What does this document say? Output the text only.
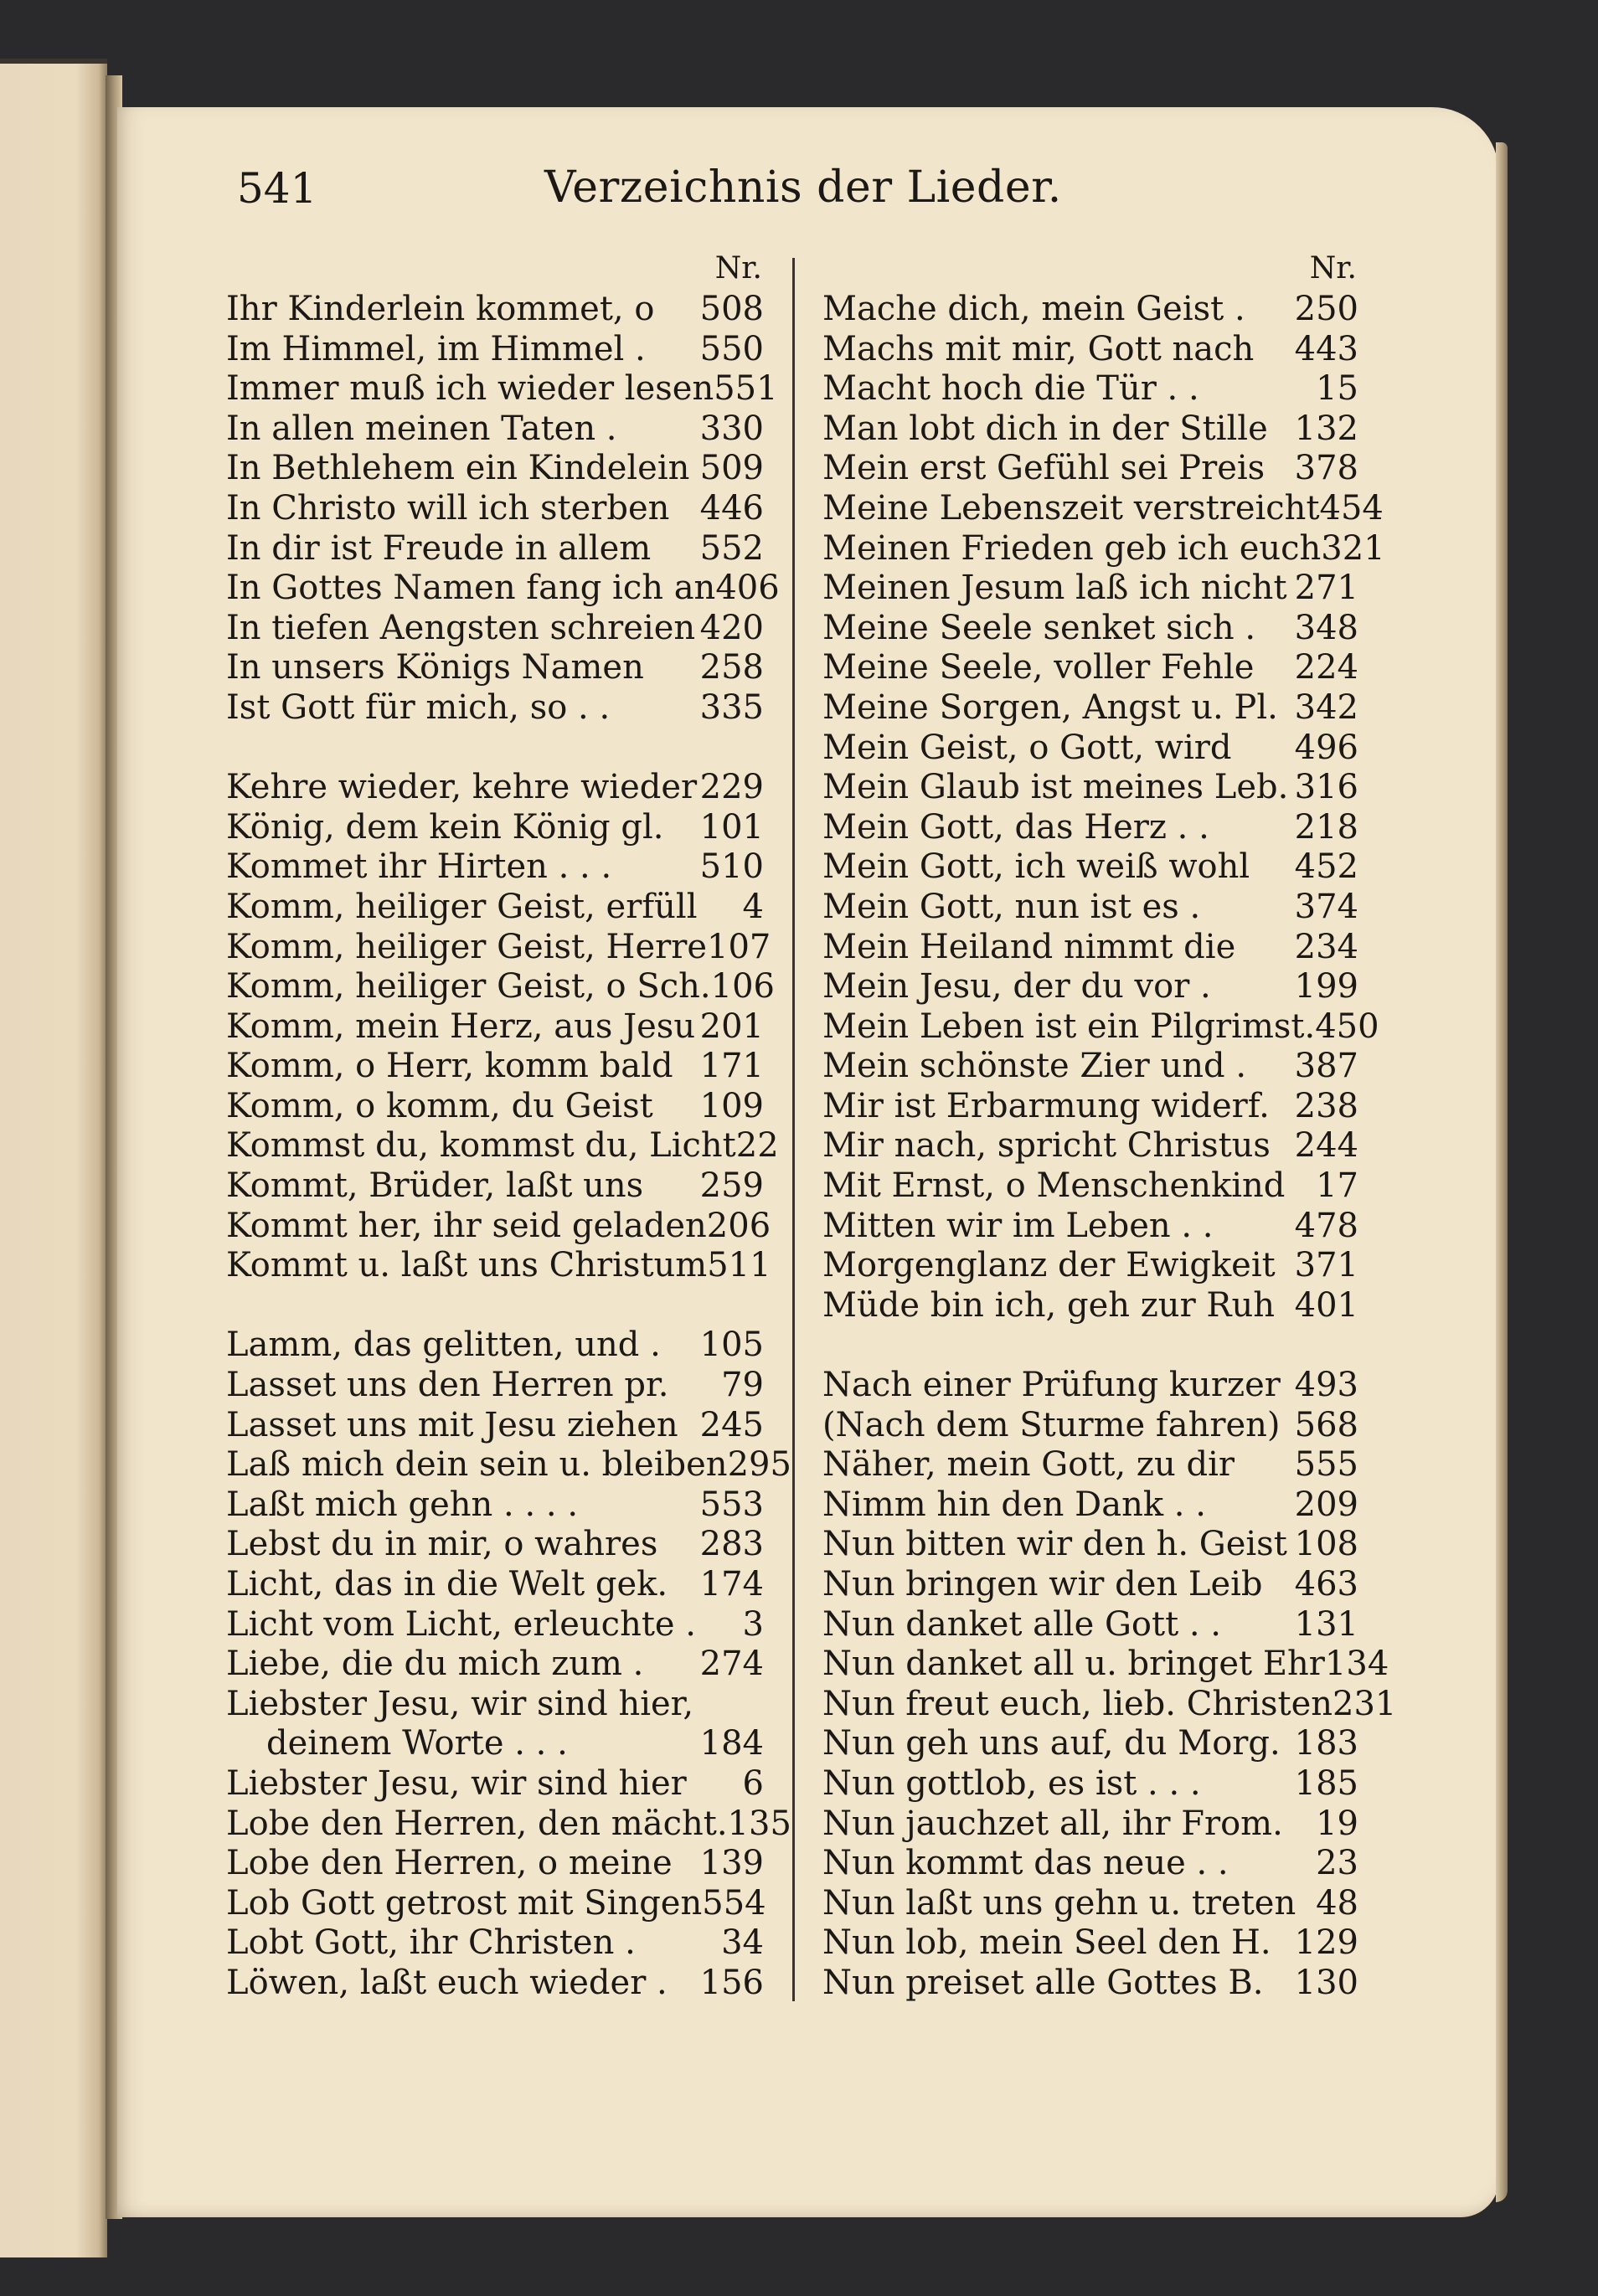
541	Verzeichnis der Lieder.
Nr.	Nr.
Ihr Kinderlein kommet, o	508
Im Himmel, im Himmel .	550
Immer muß ich wieder lesen 551
In allen meinen Taten .	330
In Bethlehem ein Kindelein 509
In Christo will ich sterben 446
In dir ist Freude in allem	552
In Gottes Namen fang ich an 406
In tiefen Aengsten schreien 420
In unsers Königs Namen	258
Ist Gott für mich, so . .	335
Kehre wieder, kehre wieder 229
König, dem kein König gl.	101
Kommet ihr Hirten . . .	510
Komm, heiliger Geist, erfüll	4
Komm, heiliger Geist, Herre 107
Komm, heiliger Geist, o Sch. 106
Komm, mein Herz, aus Jesu 201
Komm, o Herr, komm bald 171
Komm, o komm, du Geist	109
Kommst du, kommst du, Licht 22
Kommt, Brüder, laßt uns	259
Kommt her, ihr seid geladen 206
Kommt u. laßt uns Christum 511
Lamm, das gelitten, und .	105
Lasset uns den Herren pr.	79
Lasset uns mit Jesu ziehen 245
Laß mich dein sein u. bleiben 295
Laßt mich gehn . . . .	553
Lebst du in mir, o wahres	283
Licht, das in die Welt gek. 174
Licht vom Licht, erleuchte .	3
Liebe, die du mich zum .	274
Liebster Jesu, wir sind hier,
deinem Worte . . .	184
Liebster Jesu, wir sind hier	6
Lobe den Herren, den mächt. 135
Lobe den Herren, o meine 139
Lob Gott getrost mit Singen 554
Lobt Gott, ihr Christen .	34
Löwen, laßt euch wieder . 156
Mache dich, mein Geist .	250
Machs mit mir, Gott nach	443
Macht hoch die Tür . .	15
Man lobt dich in der Stille 132
Mein erst Gefühl sei Preis 378
Meine Lebenszeit verstreicht 454
Meinen Frieden geb ich euch 321
Meinen Jesum laß ich nicht 271
Meine Seele senket sich .	348
Meine Seele, voller Fehle	224
Meine Sorgen, Angst u. Pl. 342
Mein Geist, o Gott, wird	496
Mein Glaub ist meines Leb. 316
Mein Gott, das Herz . .	218
Mein Gott, ich weiß wohl	452
Mein Gott, nun ist es .	374
Mein Heiland nimmt die	234
Mein Jesu, der du vor .	199
Mein Leben ist ein Pilgrimst. 450
Mein schönste Zier und .	387
Mir ist Erbarmung widerf. 238
Mir nach, spricht Christus 244
Mit Ernst, o Menschenkind 17
Mitten wir im Leben . .	478
Morgenglanz der Ewigkeit 371
Müde bin ich, geh zur Ruh 401
Nach einer Prüfung kurzer 493
(Nach dem Sturme fahren) 568
Näher, mein Gott, zu dir	555
Nimm hin den Dank . .	209
Nun bitten wir den h. Geist 108
Nun bringen wir den Leib 463
Nun danket alle Gott . .	131
Nun danket all u. bringet Ehr 134
Nun freut euch, lieb. Christen 231
Nun geh uns auf, du Morg. 183
Nun gottlob, es ist . . .	185
Nun jauchzet all, ihr From. 19
Nun kommt das neue . .	23
Nun laßt uns gehn u. treten 48
Nun lob, mein Seel den H. 129
Nun preiset alle Gottes B. 130
